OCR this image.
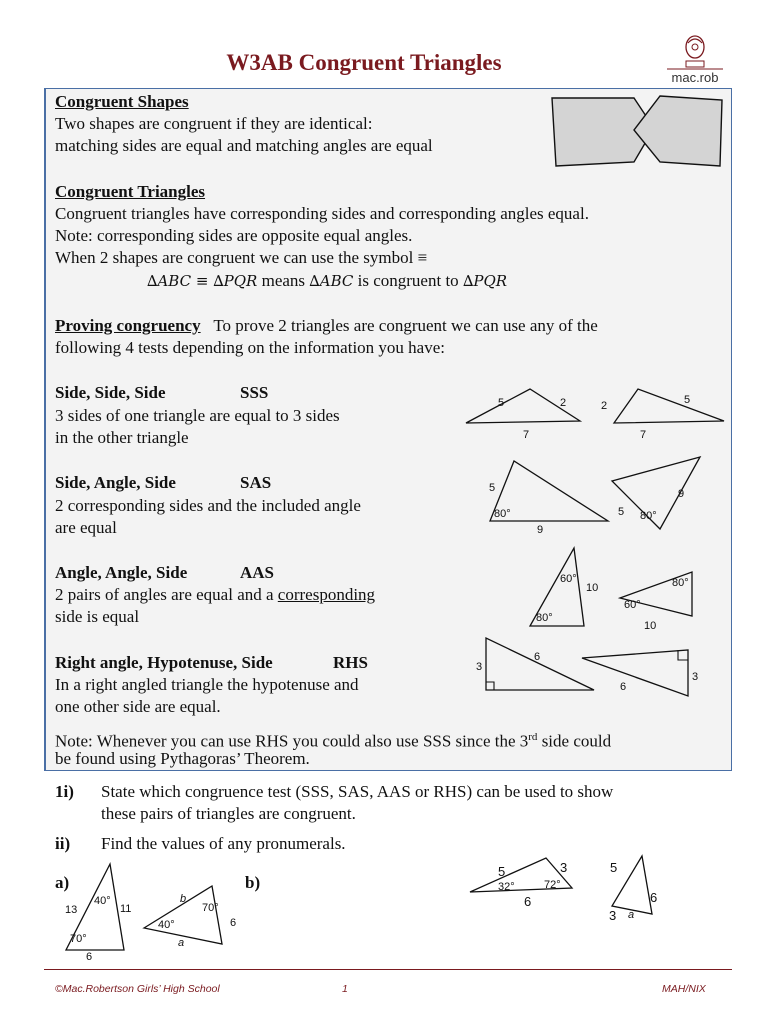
W3AB Congruent Triangles
mac.rob
Congruent Shapes
Two shapes are congruent if they are identical:
matching sides are equal and matching angles are equal
Congruent Triangles
Congruent triangles have corresponding sides and corresponding angles equal.
Note: corresponding sides are opposite equal angles.
When 2 shapes are congruent we can use the symbol ≡
∆ABC ≡ ∆PQR means ∆ABC is congruent to ∆PQR
Proving congruency To prove 2 triangles are congruent we can use any of the
following 4 tests depending on the information you have:
Side, Side, Side	SSS
3 sides of one triangle are equal to 3 sides
in the other triangle
5	2
7
2	5
7
Side, Angle, Side	SAS
2 corresponding sides and the included angle
are equal
5
80°
9
9
5 80°
Angle, Angle, Side	AAS
2 pairs of angles are equal and a corresponding
side is equal
60°
10
80°
80°
60°
10
Right angle, Hypotenuse, Side	RHS
In a right angled triangle the hypotenuse and
one other side are equal.
3
6
6
3
Note: Whenever you can use RHS you could also use SSS since the 3rd side could
be found using Pythagoras’ Theorem.
1i) State which congruence test (SSS, SAS, AAS or RHS) can be used to show
these pairs of triangles are congruent.
ii) Find the values of any pronumerals.
a)	b)
13
40°
11
70°
6
b
70°
40°	6
a
5	3
32°	72°
6
5
6
3 a
©Mac.Robertson Girls’ High School	1	MAH/NIX
